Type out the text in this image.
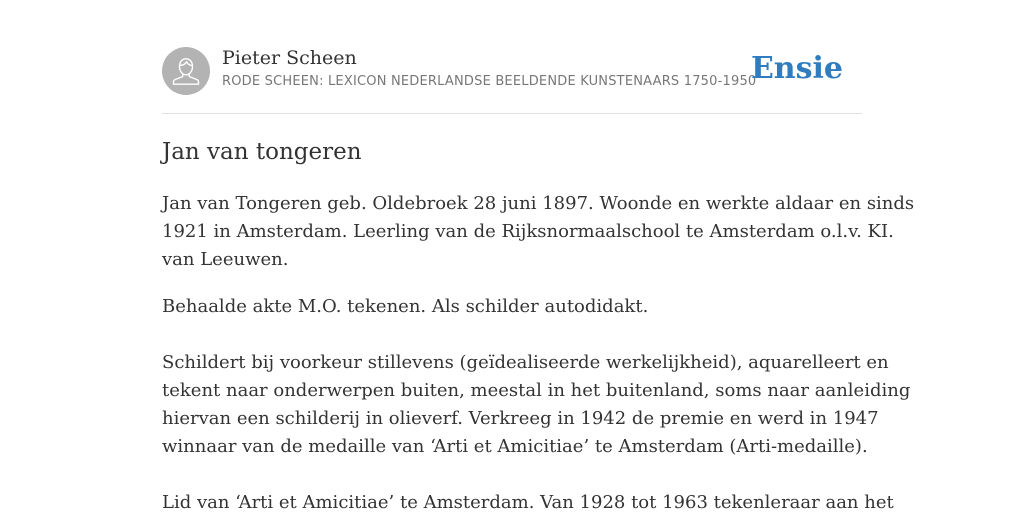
Pieter Scheen
RODE SCHEEN: LEXICON NEDERLANDSE BEELDENDE KUNSTENAARS 1750-1950
Ensie
Jan van tongeren

Jan van Tongeren geb. Oldebroek 28 juni 1897. Woonde en werkte aldaar en sinds
1921 in Amsterdam. Leerling van de Rijksnormaalschool te Amsterdam o.l.v. KI.
van Leeuwen.

Behaalde akte M.O. tekenen. Als schilder autodidakt.

Schildert bij voorkeur stillevens (geïdealiseerde werkelijkheid), aquarelleert en
tekent naar onderwerpen buiten, meestal in het buitenland, soms naar aanleiding
hiervan een schilderij in olieverf. Verkreeg in 1942 de premie en werd in 1947
winnaar van de medaille van ‘Arti et Amicitiae’ te Amsterdam (Arti-medaille).

Lid van ‘Arti et Amicitiae’ te Amsterdam. Van 1928 tot 1963 tekenleraar aan het
